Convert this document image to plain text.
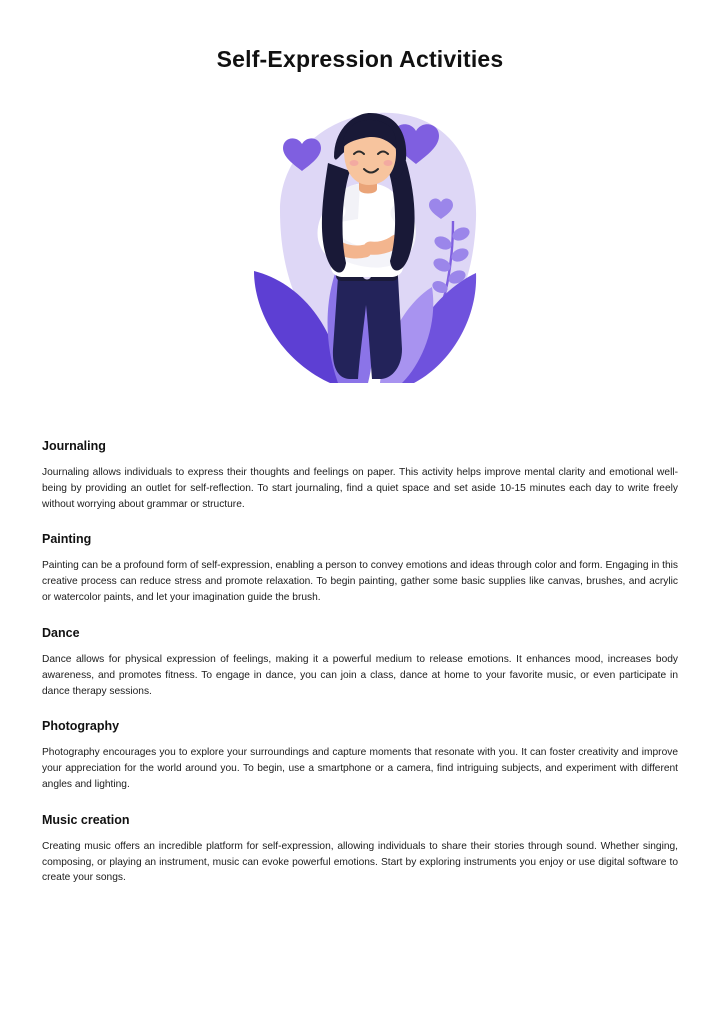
Self-Expression Activities
Journaling

Journaling allows individuals to express their thoughts and feelings on paper. This activity helps improve mental clarity and emotional well-being by providing an outlet for self-reflection. To start journaling, find a quiet space and set aside 10-15 minutes each day to write freely without worrying about grammar or structure.

Painting

Painting can be a profound form of self-expression, enabling a person to convey emotions and ideas through color and form. Engaging in this creative process can reduce stress and promote relaxation. To begin painting, gather some basic supplies like canvas, brushes, and acrylic or watercolor paints, and let your imagination guide the brush.

Dance

Dance allows for physical expression of feelings, making it a powerful medium to release emotions. It enhances mood, increases body awareness, and promotes fitness. To engage in dance, you can join a class, dance at home to your favorite music, or even participate in dance therapy sessions.

Photography

Photography encourages you to explore your surroundings and capture moments that resonate with you. It can foster creativity and improve your appreciation for the world around you. To begin, use a smartphone or a camera, find intriguing subjects, and experiment with different angles and lighting.

Music creation

Creating music offers an incredible platform for self-expression, allowing individuals to share their stories through sound. Whether singing, composing, or playing an instrument, music can evoke powerful emotions. Start by exploring instruments you enjoy or use digital software to create your songs.
